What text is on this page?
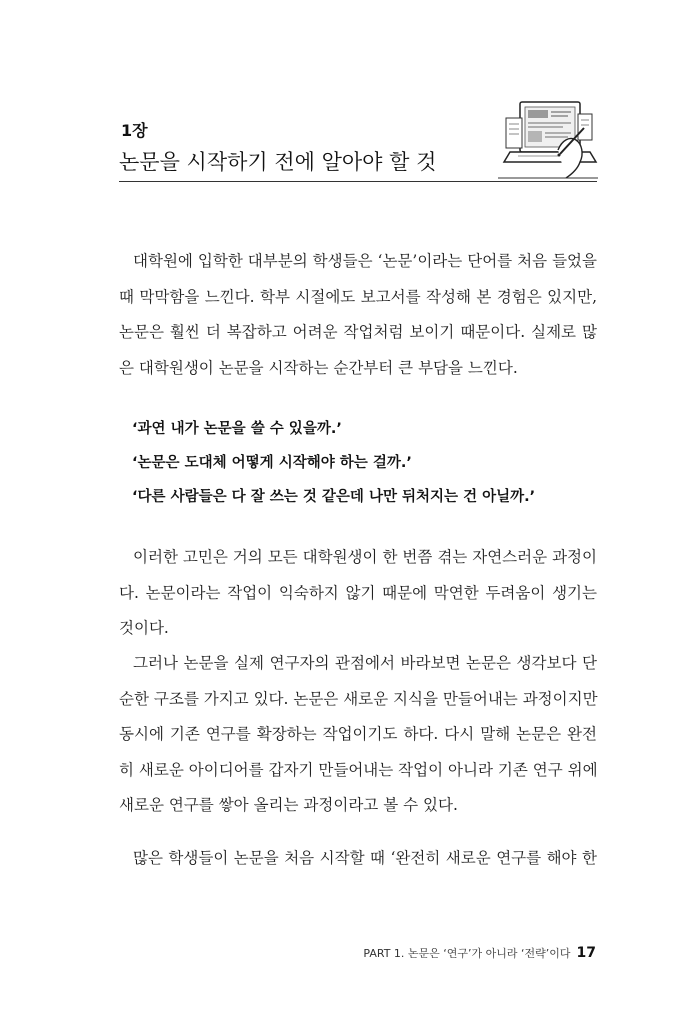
1장
논문을 시작하기 전에 알아야 할 것
대학원에 입학한 대부분의 학생들은 ‘논문’이라는 단어를 처음 들었을
때 막막함을 느낀다. 학부 시절에도 보고서를 작성해 본 경험은 있지만,
논문은 훨씬 더 복잡하고 어려운 작업처럼 보이기 때문이다. 실제로 많
은 대학원생이 논문을 시작하는 순간부터 큰 부담을 느낀다.
‘과연 내가 논문을 쓸 수 있을까.’
‘논문은 도대체 어떻게 시작해야 하는 걸까.’
‘다른 사람들은 다 잘 쓰는 것 같은데 나만 뒤처지는 건 아닐까.’
이러한 고민은 거의 모든 대학원생이 한 번쯤 겪는 자연스러운 과정이
다. 논문이라는 작업이 익숙하지 않기 때문에 막연한 두려움이 생기는
것이다.
그러나 논문을 실제 연구자의 관점에서 바라보면 논문은 생각보다 단
순한 구조를 가지고 있다. 논문은 새로운 지식을 만들어내는 과정이지만
동시에 기존 연구를 확장하는 작업이기도 하다. 다시 말해 논문은 완전
히 새로운 아이디어를 갑자기 만들어내는 작업이 아니라 기존 연구 위에
새로운 연구를 쌓아 올리는 과정이라고 볼 수 있다.
많은 학생들이 논문을 처음 시작할 때 ‘완전히 새로운 연구를 해야 한
PART 1. 논문은 ‘연구’가 아니라 ‘전략’이다 17
